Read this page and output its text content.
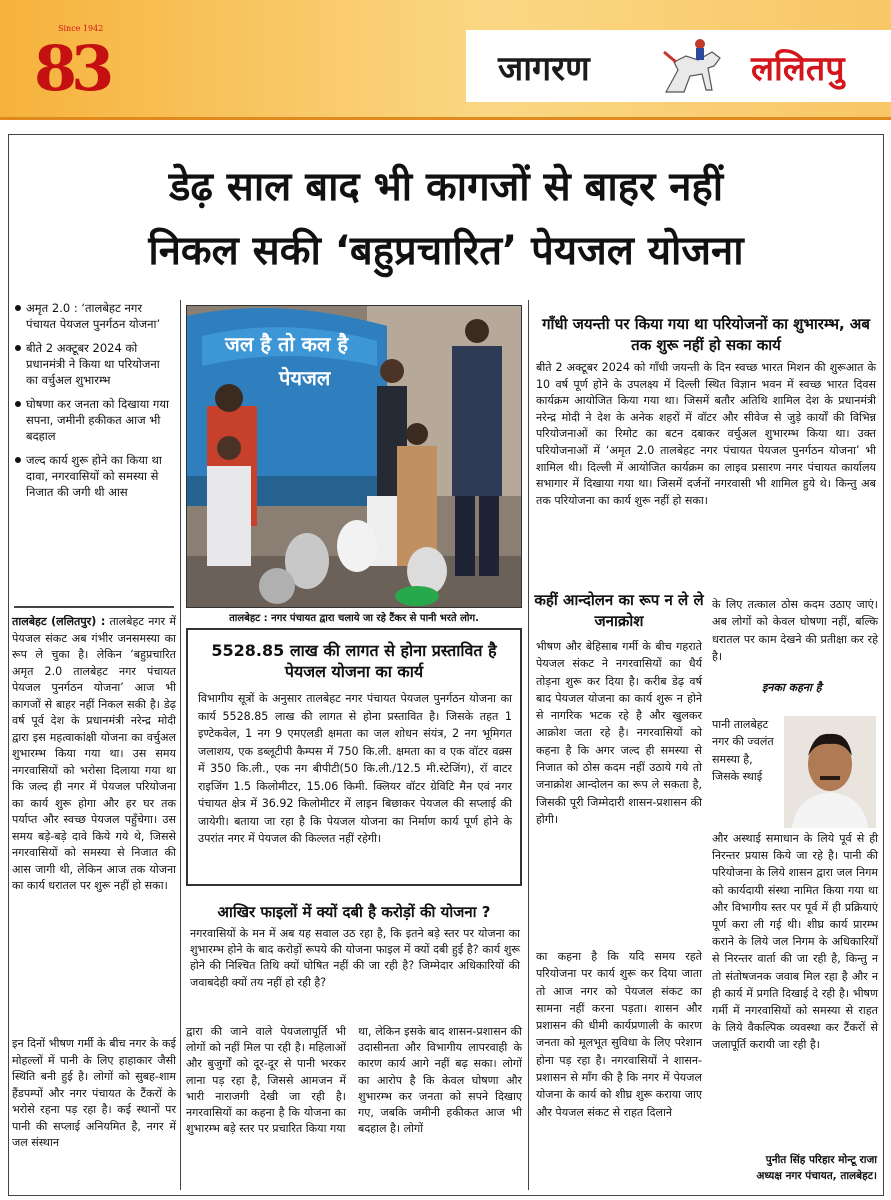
Since 1942
83	जागरण	ललितपु
डेढ़ साल बाद भी कागजों से बाहर नहीं
निकल सकी ‘बहुप्रचारित’ पेयजल योजना
अमृत 2.0 : ‘तालबेहट नगर पंचायत पेयजल पुनर्गठन योजना’
बीते 2 अक्टूबर 2024 को प्रधानमंत्री ने किया था परियोजना का वर्चुअल शुभारम्भ
घोषणा कर जनता को दिखाया गया सपना, जमीनी हकीकत आज भी बदहाल
जल्द कार्य शुरू होने का किया था दावा, नगरवासियों को समस्या से निजात की जगी थी आस
तालबेहट (ललितपुर) : तालबेहट नगर में पेयजल संकट अब गंभीर जनसमस्या का रूप ले चुका है। लेकिन ‘बहुप्रचारित अमृत 2.0 तालबेहट नगर पंचायत पेयजल पुनर्गठन योजना’ आज भी कागजों से बाहर नहीं निकल सकी है। डेढ़ वर्ष पूर्व देश के प्रधानमंत्री नरेन्द्र मोदी द्वारा इस महत्वाकांक्षी योजना का वर्चुअल शुभारम्भ किया गया था। उस समय नगरवासियों को भरोसा दिलाया गया था कि जल्द ही नगर में पेयजल परियोजना का कार्य शुरू होगा और हर घर तक पर्याप्त और स्वच्छ पेयजल पहुँचेगा। उस समय बड़े-बड़े दावे किये गये थे, जिससे नगरवासियों को समस्या से निजात की आस जागी थी, लेकिन आज तक योजना का कार्य धरातल पर शुरू नहीं हो सका।
इन दिनों भीषण गर्मी के बीच नगर के कई मोहल्लों में पानी के लिए हाहाकार जैसी स्थिति बनी हुई है। लोगों को सुबह-शाम हैंडपम्पों और नगर पंचायत के टैंकरों के भरोसे रहना पड़ रहा है। कई स्थानों पर पानी की सप्लाई अनियमित है, नगर में जल संस्थान
जल है तो कल है
पेयजल
तालबेहट : नगर पंचायत द्वारा चलाये जा रहे टैंकर से पानी भरते लोग.
5528.85 लाख की लागत से होना प्रस्तावित है पेयजल योजना का कार्य
विभागीय सूत्रों के अनुसार तालबेहट नगर पंचायत पेयजल पुनर्गठन योजना का कार्य 5528.85 लाख की लागत से होना प्रस्तावित है। जिसके तहत 1 इण्टेकवेल, 1 नग 9 एमएलडी क्षमता का जल शोधन संयंत्र, 2 नग भूमिगत जलाशय, एक डब्लूटीपी कैम्पस में 750 कि.ली. क्षमता का व एक वॉटर वक्र्स में 350 कि.ली., एक नग बीपीटी(50 कि.ली./12.5 मी.स्टेजिंग), रॉ वाटर राइजिंग 1.5 किलोमीटर, 15.06 किमी. क्लियर वॉटर ग्रेविटि मैन एवं नगर पंचायत क्षेत्र में 36.92 किलोमीटर में लाइन बिछाकर पेयजल की सप्लाई की जायेगी। बताया जा रहा है कि पेयजल योजना का निर्माण कार्य पूर्ण होने के उपरांत नगर में पेयजल की किल्लत नहीं रहेगी।
आखिर फाइलों में क्यों दबी है करोड़ों की योजना ?
नगरवासियों के मन में अब यह सवाल उठ रहा है, कि इतने बड़े स्तर पर योजना का शुभारम्भ होने के बाद करोड़ों रूपये की योजना फाइल में क्यों दबी हुई है? कार्य शुरू होने की निश्चित तिथि क्यों घोषित नहीं की जा रही है? जिम्मेदार अधिकारियों की जवाबदेही क्यों तय नहीं हो रही है?
द्वारा की जाने वाले पेयजलापूर्ति भी लोगों को नहीं मिल पा रही है। महिलाओं और बुजुर्गों को दूर-दूर से पानी भरकर लाना पड़ रहा है, जिससे आमजन में भारी नाराजगी देखी जा रही है। नगरवासियों का कहना है कि योजना का शुभारम्भ बड़े स्तर पर प्रचारित किया गया
था, लेकिन इसके बाद शासन-प्रशासन की उदासीनता और विभागीय लापरवाही के कारण कार्य आगे नहीं बढ़ सका। लोगों का आरोप है कि केवल घोषणा और शुभारम्भ कर जनता को सपने दिखाए गए, जबकि जमीनी हकीकत आज भी बदहाल है। लोगों
गाँधी जयन्ती पर किया गया था परियोजनों का शुभारम्भ, अब तक शुरू नहीं हो सका कार्य
बीते 2 अक्टूबर 2024 को गाँधी जयन्ती के दिन स्वच्छ भारत मिशन की शुरूआत के 10 वर्ष पूर्ण होने के उपलक्ष्य में दिल्ली स्थित विज्ञान भवन में स्वच्छ भारत दिवस कार्यक्रम आयोजित किया गया था। जिसमें बतौर अतिथि शामिल देश के प्रधानमंत्री नरेन्द्र मोदी ने देश के अनेक शहरों में वॉटर और सीवेज से जुड़े कार्यों की विभिन्न परियोजनाओं का रिमोट का बटन दबाकर वर्चुअल शुभारम्भ किया था। उक्त परियोजनाओं में ‘अमृत 2.0 तालबेहट नगर पंचायत पेयजल पुनर्गठन योजना’ भी शामिल थी। दिल्ली में आयोजित कार्यक्रम का लाइव प्रसारण नगर पंचायत कार्यालय सभागार में दिखाया गया था। जिसमें दर्जनों नगरवासी भी शामिल हुये थे। किन्तु अब तक परियोजना का कार्य शुरू नहीं हो सका।
कहीं आन्दोलन का रूप न ले ले जनाक्रोश
भीषण और बेहिसाब गर्मी के बीच गहराते पेयजल संकट ने नगरवासियों का धैर्य तोड़ना शुरू कर दिया है। करीब डेढ़ वर्ष बाद पेयजल योजना का कार्य शुरू न होने से नागरिक भटक रहे है और खुलकर आक्रोश जता रहे है। नगरवासियों को कहना है कि अगर जल्द ही समस्या से निजात को ठोस कदम नहीं उठाये गये तो जनाक्रोश आन्दोलन का रूप ले सकता है, जिसकी पूरी जिम्मेदारी शासन-प्रशासन की होगी।
का कहना है कि यदि समय रहते परियोजना पर कार्य शुरू कर दिया जाता तो आज नगर को पेयजल संकट का सामना नहीं करना पड़ता। शासन और प्रशासन की धीमी कार्यप्रणाली के कारण जनता को मूलभूत सुविधा के लिए परेशान होना पड़ रहा है। नगरवासियों ने शासन-प्रशासन से माँग की है कि नगर में पेयजल योजना के कार्य को शीघ्र शुरू कराया जाए और पेयजल संकट से राहत दिलाने
के लिए तत्काल ठोस कदम उठाए जाएं। अब लोगों को केवल घोषणा नहीं, बल्कि धरातल पर काम देखने की प्रतीक्षा कर रहे है।
इनका कहना है
पानी तालबेहट नगर की ज्वलंत समस्या है, जिसके स्थाई
और अस्थाई समाधान के लिये पूर्व से ही निरन्तर प्रयास किये जा रहे है। पानी की परियोजना के लिये शासन द्वारा जल निगम को कार्यदायी संस्था नामित किया गया था और विभागीय स्तर पर पूर्व में ही प्रक्रियाएं पूर्ण करा ली गई थी। शीघ्र कार्य प्रारम्भ कराने के लिये जल निगम के अधिकारियों से निरन्तर वार्ता की जा रही है, किन्तु न तो संतोषजनक जवाब मिल रहा है और न ही कार्य में प्रगति दिखाई दे रही है। भीषण गर्मी में नगरवासियों को समस्या से राहत के लिये वैकल्पिक व्यवस्था कर टैंकरों से जलापूर्ति करायी जा रही है।
पुनीत सिंह परिहार मोन्टू राजा
अध्यक्ष नगर पंचायत, तालबेहट।
